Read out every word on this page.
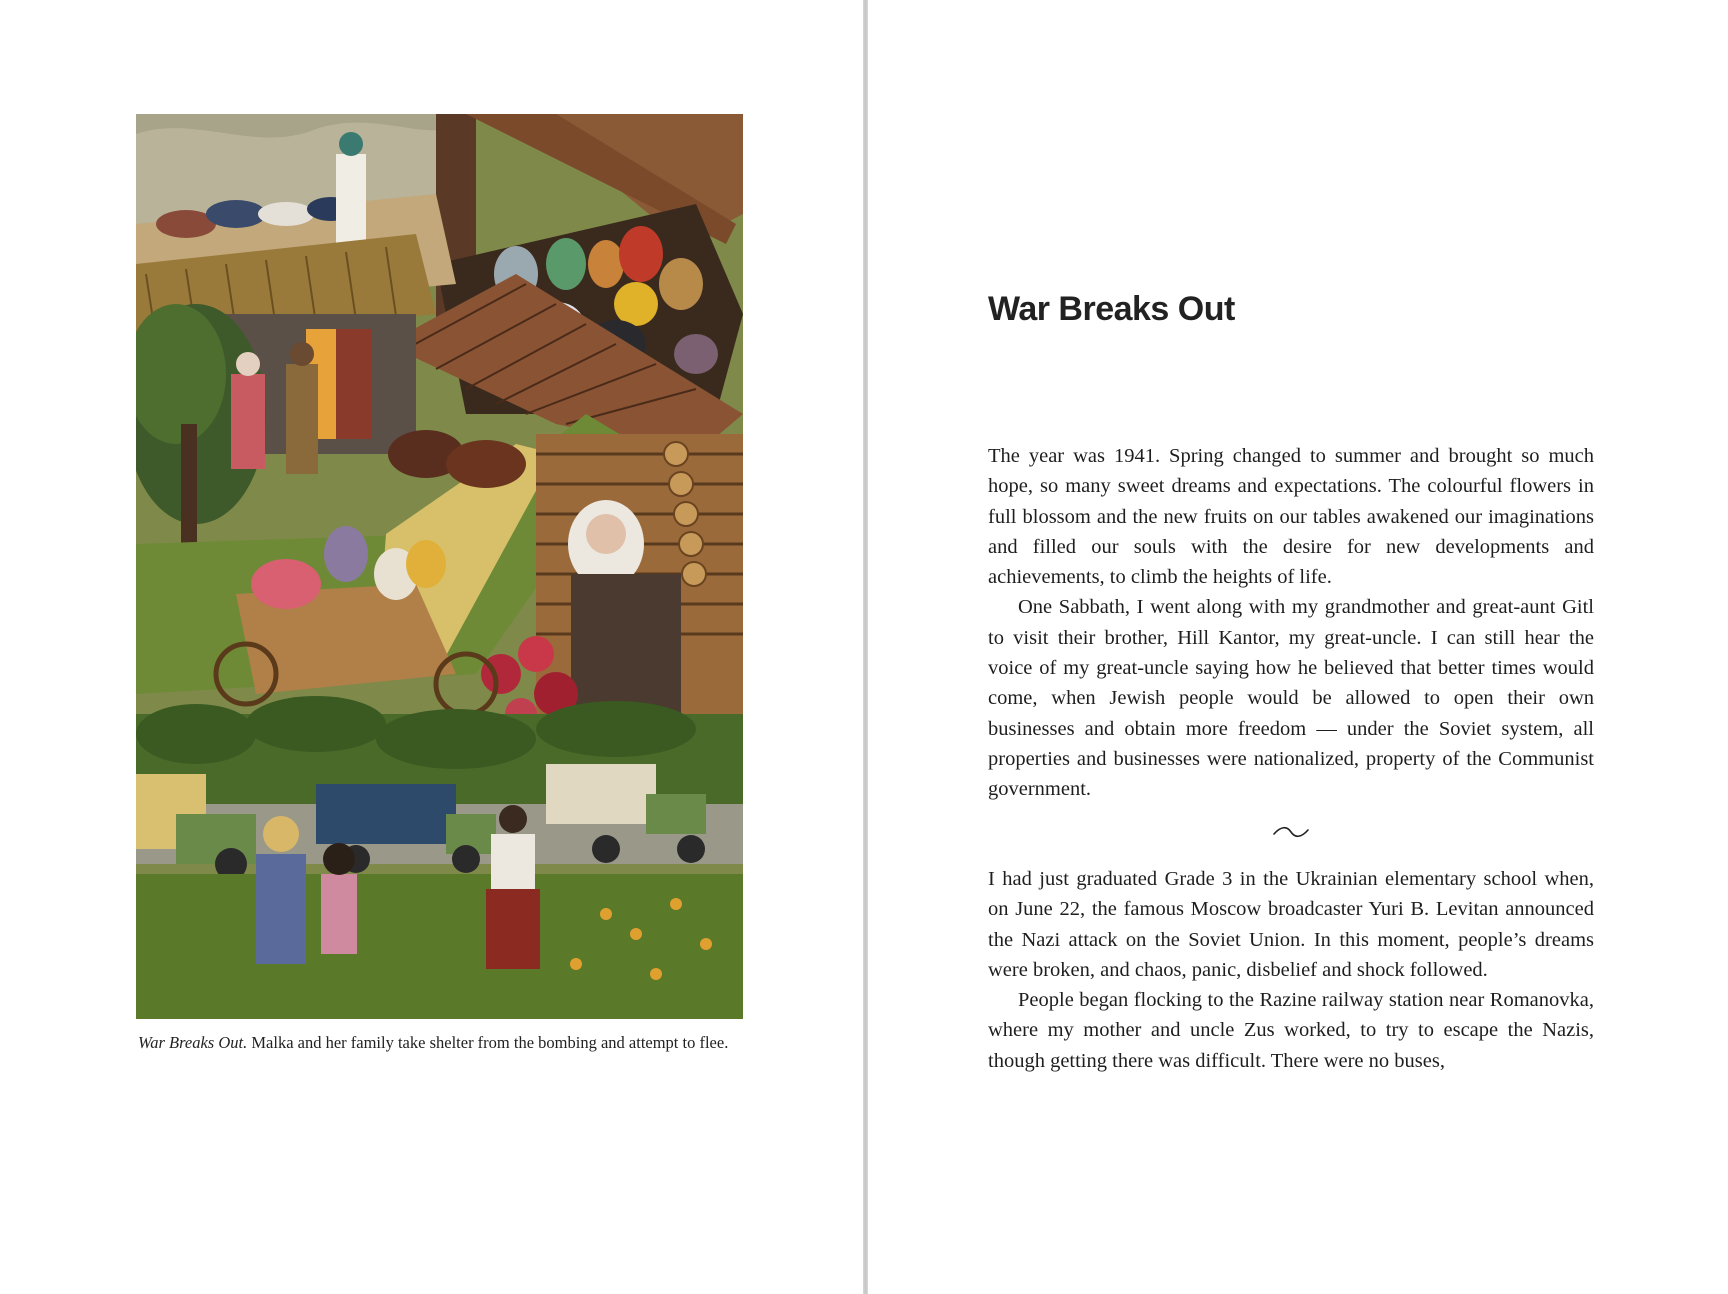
War Breaks Out. Malka and her family take shelter from the bombing and attempt to flee.
War Breaks Out

The year was 1941. Spring changed to summer and brought so much hope, so many sweet dreams and expectations. The colourful flowers in full blossom and the new fruits on our tables awakened our imaginations and filled our souls with the desire for new developments and achievements, to climb the heights of life.

One Sabbath, I went along with my grandmother and great-aunt Gitl to visit their brother, Hill Kantor, my great-uncle. I can still hear the voice of my great-uncle saying how he believed that better times would come, when Jewish people would be allowed to open their own businesses and obtain more freedom — under the Soviet system, all properties and businesses were nationalized, property of the Communist government.

I had just graduated Grade 3 in the Ukrainian elementary school when, on June 22, the famous Moscow broadcaster Yuri B. Levitan announced the Nazi attack on the Soviet Union. In this moment, people’s dreams were broken, and chaos, panic, disbelief and shock followed.

People began flocking to the Razine railway station near Romanovka, where my mother and uncle Zus worked, to try to escape the Nazis, though getting there was difficult. There were no buses,
